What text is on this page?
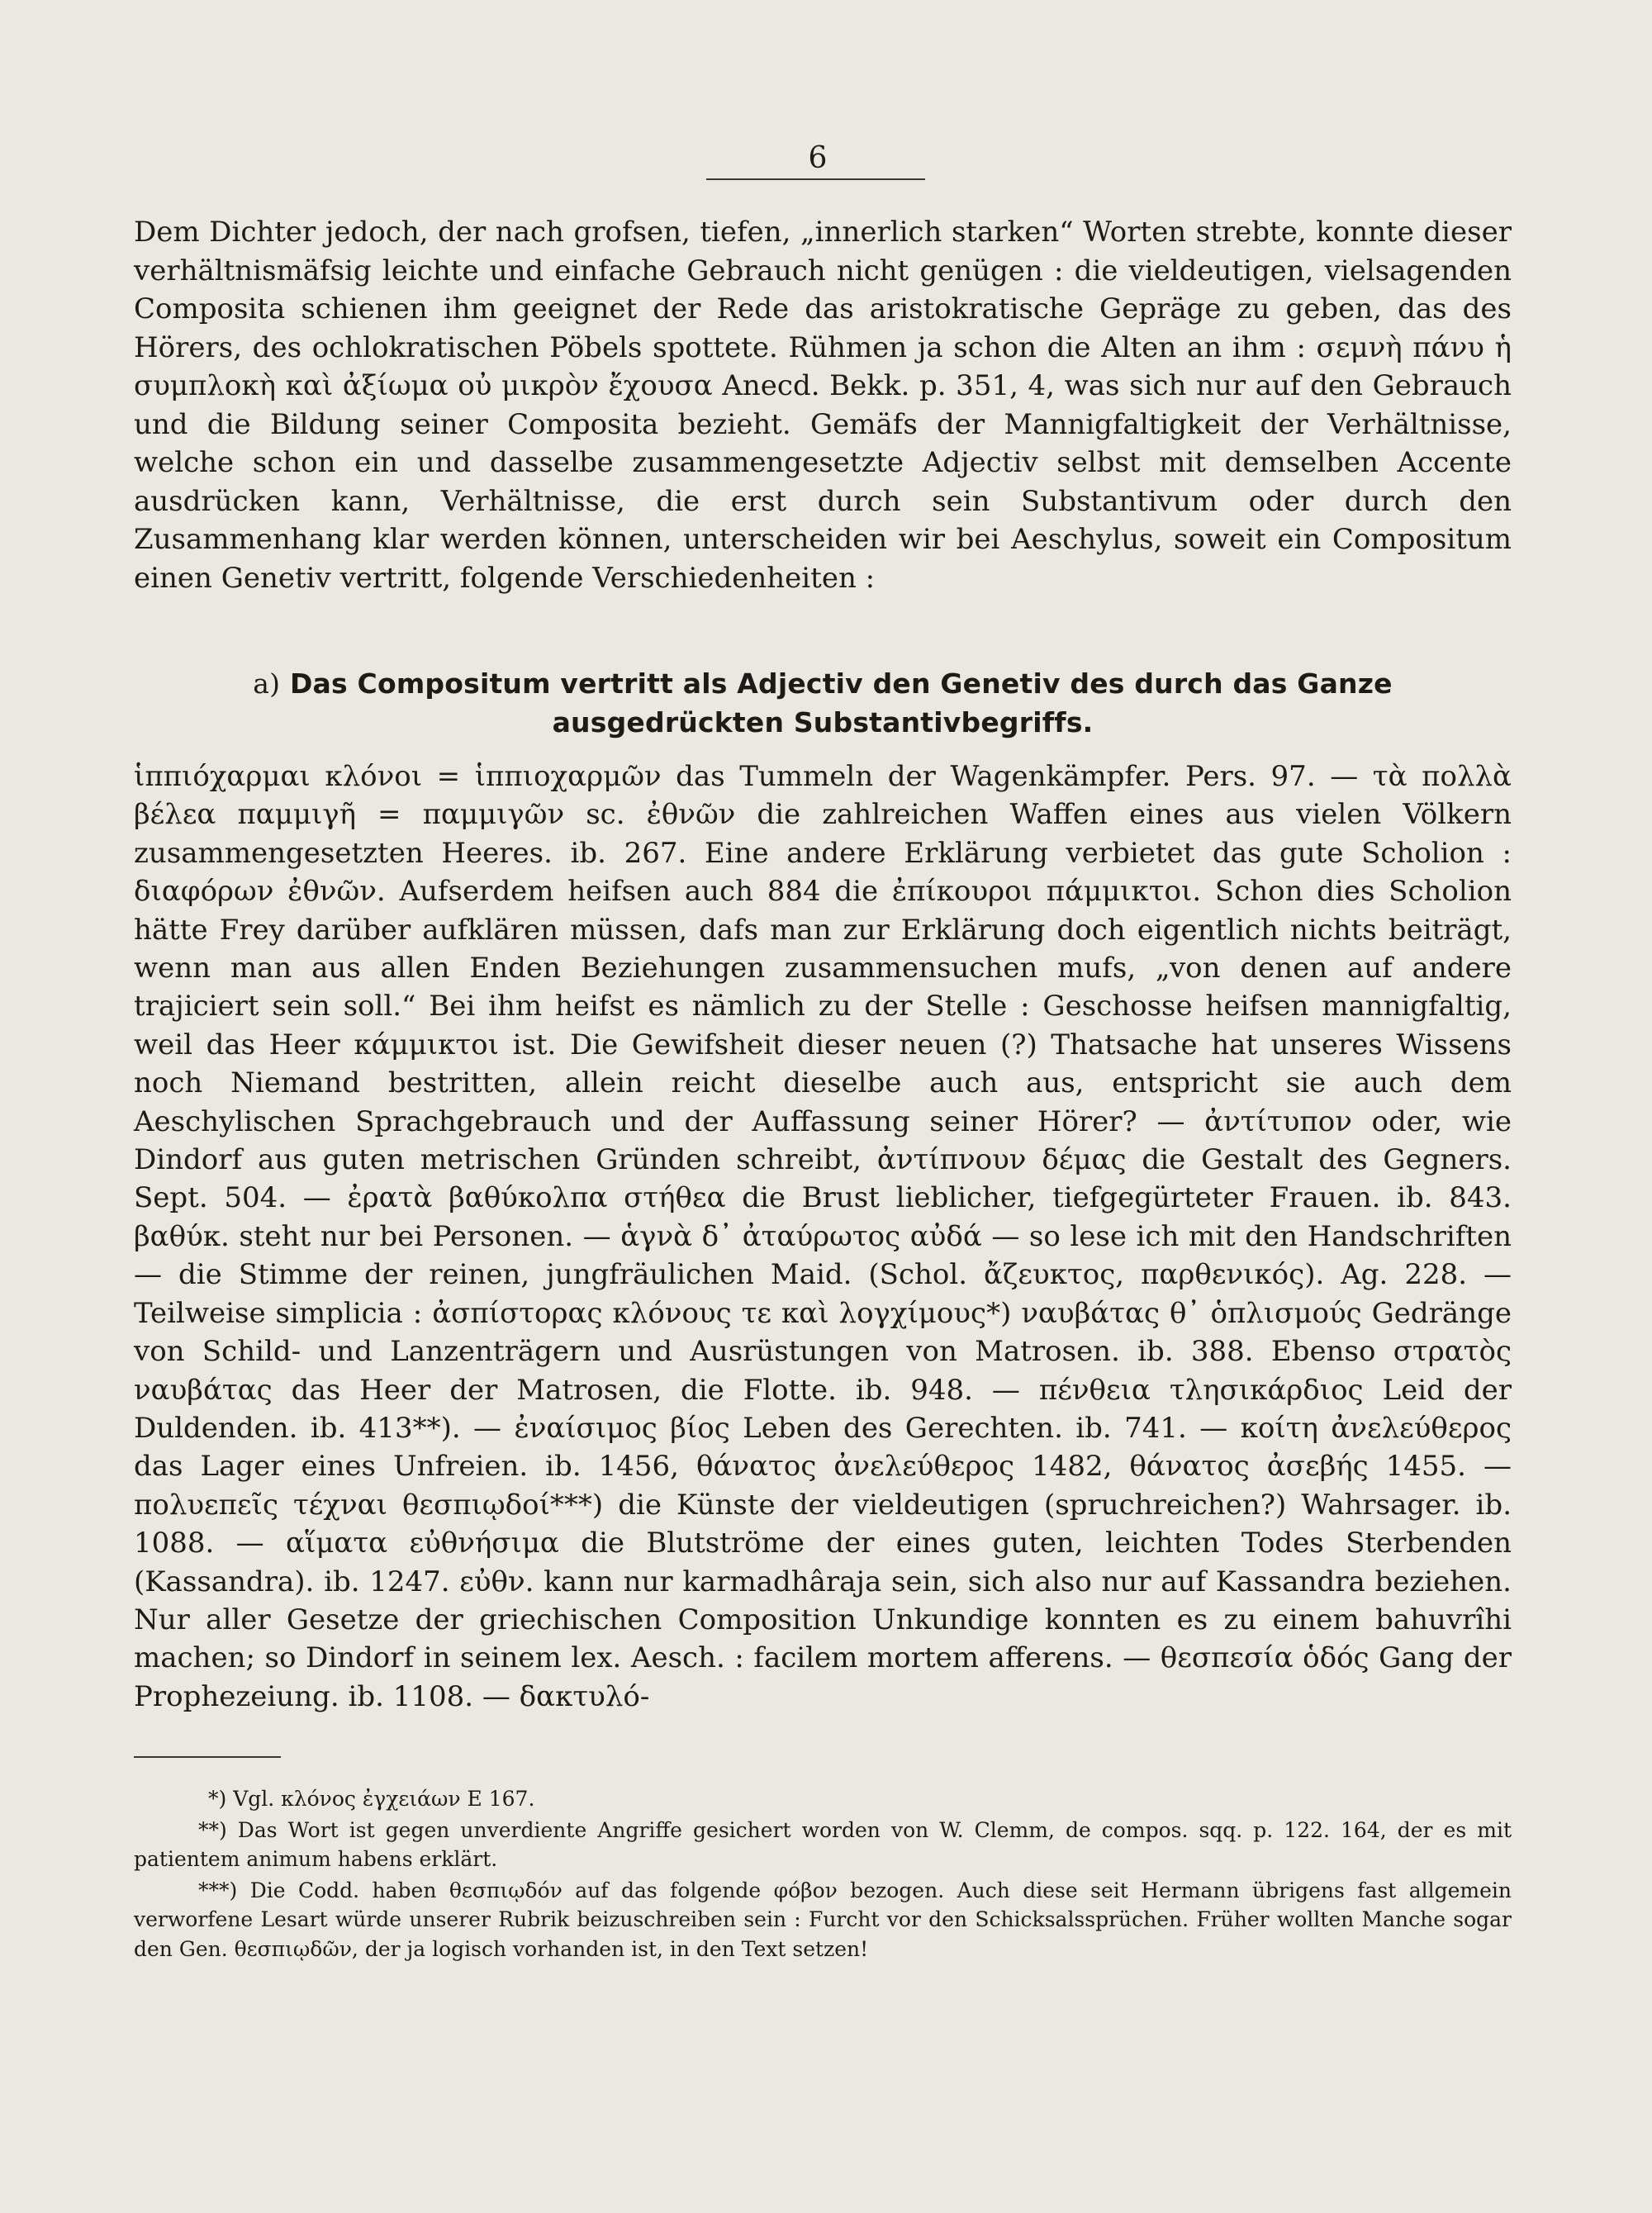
6

Dem Dichter jedoch, der nach grofsen, tiefen, „innerlich starken“ Worten strebte, konnte dieser verhältnismäfsig leichte und einfache Gebrauch nicht genügen : die vieldeutigen, vielsagenden Composita schienen ihm geeignet der Rede das aristokratische Gepräge zu geben, das des Hörers, des ochlokratischen Pöbels spottete. Rühmen ja schon die Alten an ihm : σεμνὴ πάνυ ἡ συμπλοκὴ καὶ ἀξίωμα οὐ μικρὸν ἔχουσα Anecd. Bekk. p. 351, 4, was sich nur auf den Gebrauch und die Bildung seiner Composita bezieht. Gemäfs der Mannigfaltigkeit der Verhältnisse, welche schon ein und dasselbe zusammengesetzte Adjectiv selbst mit demselben Accente ausdrücken kann, Verhältnisse, die erst durch sein Substantivum oder durch den Zusammenhang klar werden können, unterscheiden wir bei Aeschylus, soweit ein Compositum einen Genetiv vertritt, folgende Verschiedenheiten :

a) Das Compositum vertritt als Adjectiv den Genetiv des durch das Ganze ausgedrückten Substantivbegriffs.

ἱππιόχαρμαι κλόνοι = ἱππιοχαρμῶν das Tummeln der Wagenkämpfer. Pers. 97. — τὰ πολλὰ βέλεα παμμιγῆ = παμμιγῶν sc. ἐθνῶν die zahlreichen Waffen eines aus vielen Völkern zusammengesetzten Heeres. ib. 267. Eine andere Erklärung verbietet das gute Scholion : διαφόρων ἐθνῶν. Aufserdem heifsen auch 884 die ἐπίκουροι πάμμικτοι. Schon dies Scholion hätte Frey darüber aufklären müssen, dafs man zur Erklärung doch eigentlich nichts beiträgt, wenn man aus allen Enden Beziehungen zusammensuchen mufs, „von denen auf andere trajiciert sein soll.“ Bei ihm heifst es nämlich zu der Stelle : Geschosse heifsen mannigfaltig, weil das Heer κάμμικτοι ist. Die Gewifsheit dieser neuen (?) Thatsache hat unseres Wissens noch Niemand bestritten, allein reicht dieselbe auch aus, entspricht sie auch dem Aeschylischen Sprachgebrauch und der Auffassung seiner Hörer? — ἀντίτυπον oder, wie Dindorf aus guten metrischen Gründen schreibt, ἀντίπνουν δέμας die Gestalt des Gegners. Sept. 504. — ἐρατὰ βαθύκολπα στήθεα die Brust lieblicher, tiefgegürteter Frauen. ib. 843. βαθύκ. steht nur bei Personen. — ἁγνὰ δ᾽ ἀταύρωτος αὐδά — so lese ich mit den Handschriften — die Stimme der reinen, jungfräulichen Maid. (Schol. ἄζευκτος, παρθενικός). Ag. 228. — Teilweise simplicia : ἀσπίστορας κλόνους τε καὶ λογχίμους*) ναυβάτας θ᾽ ὁπλισμούς Gedränge von Schild- und Lanzenträgern und Ausrüstungen von Matrosen. ib. 388. Ebenso στρατὸς ναυβάτας das Heer der Matrosen, die Flotte. ib. 948. — πένθεια τλησικάρδιος Leid der Duldenden. ib. 413**). — ἐναίσιμος βίος Leben des Gerechten. ib. 741. — κοίτη ἀνελεύθερος das Lager eines Unfreien. ib. 1456, θάνατος ἀνελεύθερος 1482, θάνατος ἀσεβής 1455. — πολυεπεῖς τέχναι θεσπιῳδοί***) die Künste der vieldeutigen (spruchreichen?) Wahrsager. ib. 1088. — αἵματα εὐθνήσιμα die Blutströme der eines guten, leichten Todes Sterbenden (Kassandra). ib. 1247. εὐθν. kann nur karmadhâraja sein, sich also nur auf Kassandra beziehen. Nur aller Gesetze der griechischen Composition Unkundige konnten es zu einem bahuvrîhi machen; so Dindorf in seinem lex. Aesch. : facilem mortem afferens. — θεσπεσία ὁδός Gang der Prophezeiung. ib. 1108. — δακτυλό-

*) Vgl. κλόνος ἐγχειάων Ε 167.

**) Das Wort ist gegen unverdiente Angriffe gesichert worden von W. Clemm, de compos. sqq. p. 122. 164, der es mit patientem animum habens erklärt.

***) Die Codd. haben θεσπιῳδόν auf das folgende φόβον bezogen. Auch diese seit Hermann übrigens fast allgemein verworfene Lesart würde unserer Rubrik beizuschreiben sein : Furcht vor den Schicksalssprüchen. Früher wollten Manche sogar den Gen. θεσπιῳδῶν, der ja logisch vorhanden ist, in den Text setzen!
